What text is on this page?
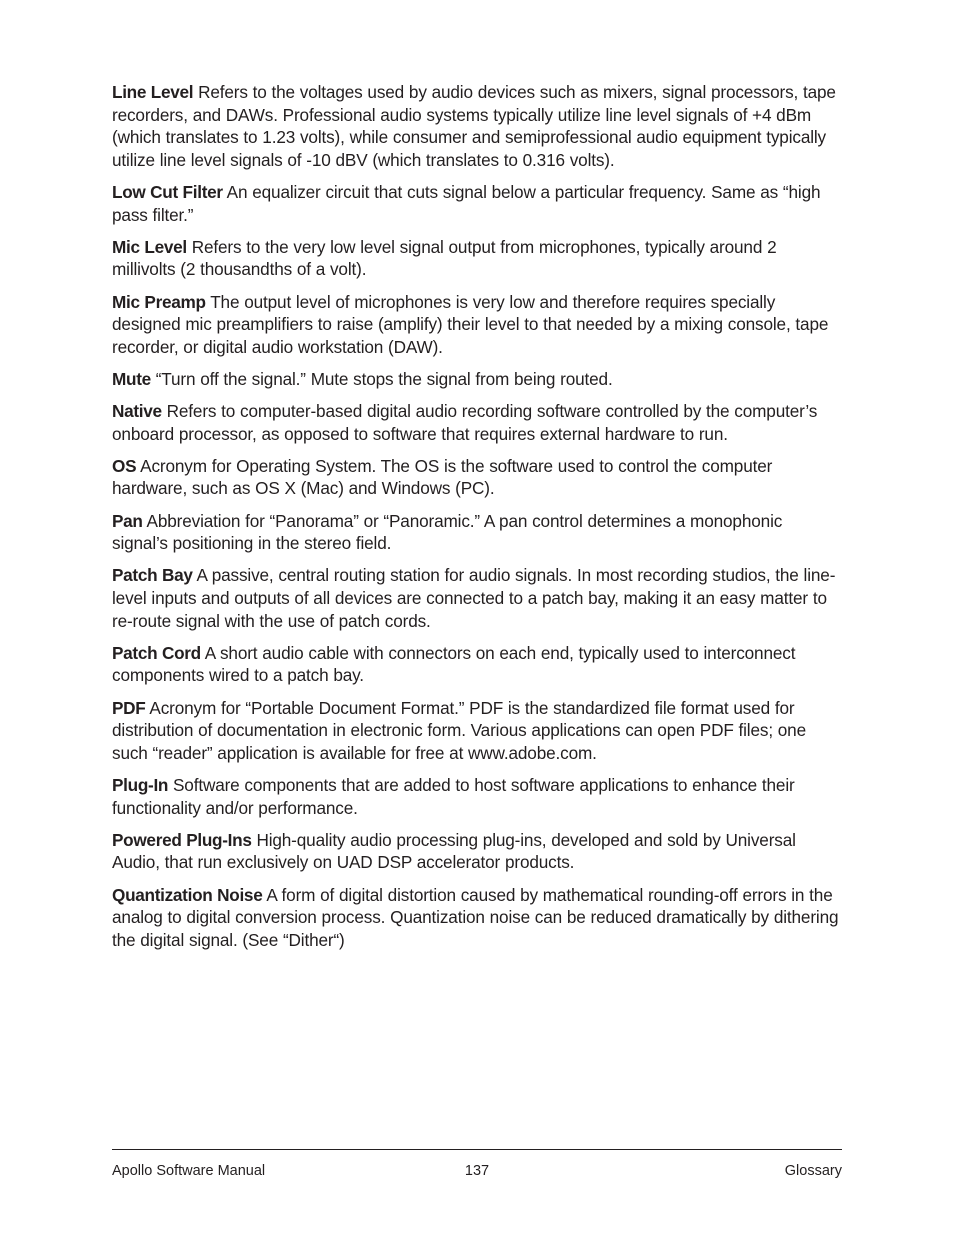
Line Level Refers to the voltages used by audio devices such as mixers, signal processors, tape recorders, and DAWs. Professional audio systems typically utilize line level signals of +4 dBm (which translates to 1.23 volts), while consumer and semiprofessional audio equipment typically utilize line level signals of -10 dBV (which translates to 0.316 volts).

Low Cut Filter An equalizer circuit that cuts signal below a particular frequency. Same as “high pass filter.”

Mic Level Refers to the very low level signal output from microphones, typically around 2 millivolts (2 thousandths of a volt).

Mic Preamp The output level of microphones is very low and therefore requires specially designed mic preamplifiers to raise (amplify) their level to that needed by a mixing console, tape recorder, or digital audio workstation (DAW).

Mute “Turn off the signal.” Mute stops the signal from being routed.

Native Refers to computer-based digital audio recording software controlled by the computer’s onboard processor, as opposed to software that requires external hardware to run.

OS Acronym for Operating System. The OS is the software used to control the computer hardware, such as OS X (Mac) and Windows (PC).

Pan Abbreviation for “Panorama” or “Panoramic.” A pan control determines a monophonic signal’s positioning in the stereo field.

Patch Bay A passive, central routing station for audio signals. In most recording studios, the line-level inputs and outputs of all devices are connected to a patch bay, making it an easy matter to re-route signal with the use of patch cords.

Patch Cord A short audio cable with connectors on each end, typically used to interconnect components wired to a patch bay.

PDF Acronym for “Portable Document Format.” PDF is the standardized file format used for distribution of documentation in electronic form. Various applications can open PDF files; one such “reader” application is available for free at www.adobe.com.

Plug-In Software components that are added to host software applications to enhance their functionality and/or performance.

Powered Plug-Ins High-quality audio processing plug-ins, developed and sold by Universal Audio, that run exclusively on UAD DSP accelerator products.

Quantization Noise A form of digital distortion caused by mathematical rounding-off errors in the analog to digital conversion process. Quantization noise can be reduced dramatically by dithering the digital signal. (See “Dither“)

Apollo Software Manual	137	Glossary
